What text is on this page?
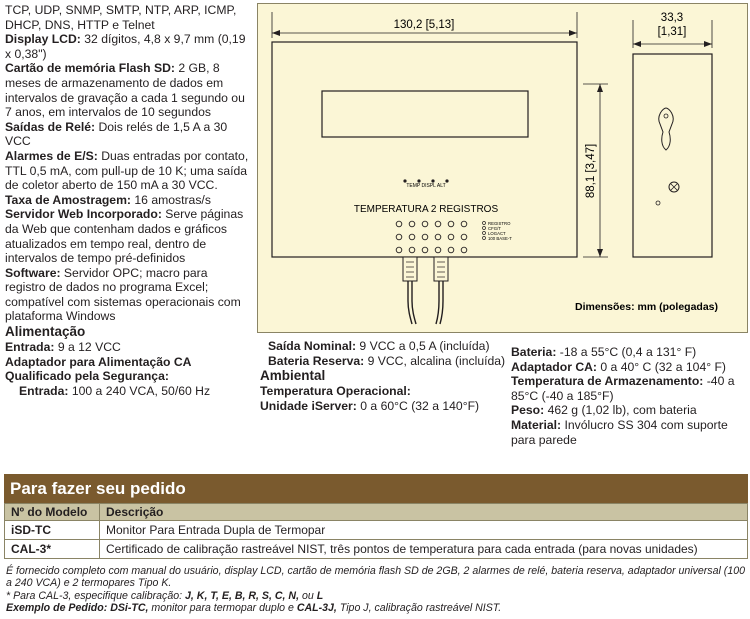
TCP, UDP, SNMP, SMTP, NTP, ARP, ICMP, DHCP, DNS, HTTP e Telnet

Display LCD: 32 dígitos, 4,8 x 9,7 mm (0,19 x 0,38")

Cartão de memória Flash SD: 2 GB, 8 meses de armazenamento de dados em intervalos de gravação a cada 1 segundo ou 7 anos, em intervalos de 10 segundos

Saídas de Relé: Dois relés de 1,5 A a 30 VCC

Alarmes de E/S: Duas entradas por contato, TTL 0,5 mA, com pull-up de 10 K; uma saída de coletor aberto de 150 mA a 30 VCC.

Taxa de Amostragem: 16 amostras/s

Servidor Web Incorporado: Serve páginas da Web que contenham dados e gráficos atualizados em tempo real, dentro de intervalos de tempo pré-definidos

Software: Servidor OPC; macro para registro de dados no programa Excel; compatível com sistemas operacionais com plataforma Windows

Alimentação

Entrada: 9 a 12 VCC

Adaptador para Alimentação CA

Qualificado pela Segurança:

Entrada: 100 a 240 VCA, 50/60 Hz

130,2 [5,13]
TEMP DISPL ALT
TEMPERATURA 2 REGISTROS
REGISTRO
CFG/T
LOGACT
100 BASE-T
88,1 [3,47]
33,3
[1,31]
Dimensões: mm (polegadas)

Saída Nominal: 9 VCC a 0,5 A (incluída)

Bateria Reserva: 9 VCC, alcalina (incluída)

Ambiental

Temperatura Operacional:

Unidade iServer: 0 a 60°C (32 a 140°F)

Bateria: -18 a 55°C (0,4 a 131° F)

Adaptador CA: 0 a 40° C (32 a 104° F)

Temperatura de Armazenamento: -40 a 85°C (-40 a 185°F)

Peso: 462 g (1,02 lb), com bateria

Material: Invólucro SS 304 com suporte para parede

Para fazer seu pedido
Nº do Modelo	Descrição
iSD-TC	Monitor Para Entrada Dupla de Termopar
CAL-3*	Certificado de calibração rastreável NIST, três pontos de temperatura para cada entrada (para novas unidades)

É fornecido completo com manual do usuário, display LCD, cartão de memória flash SD de 2GB, 2 alarmes de relé, bateria reserva, adaptador universal (100 a 240 VCA) e 2 termopares Tipo K.

* Para CAL-3, especifique calibração: J, K, T, E, B, R, S, C, N, ou L

Exemplo de Pedido: DSi-TC, monitor para termopar duplo e CAL-3J, Tipo J, calibração rastreável NIST.
